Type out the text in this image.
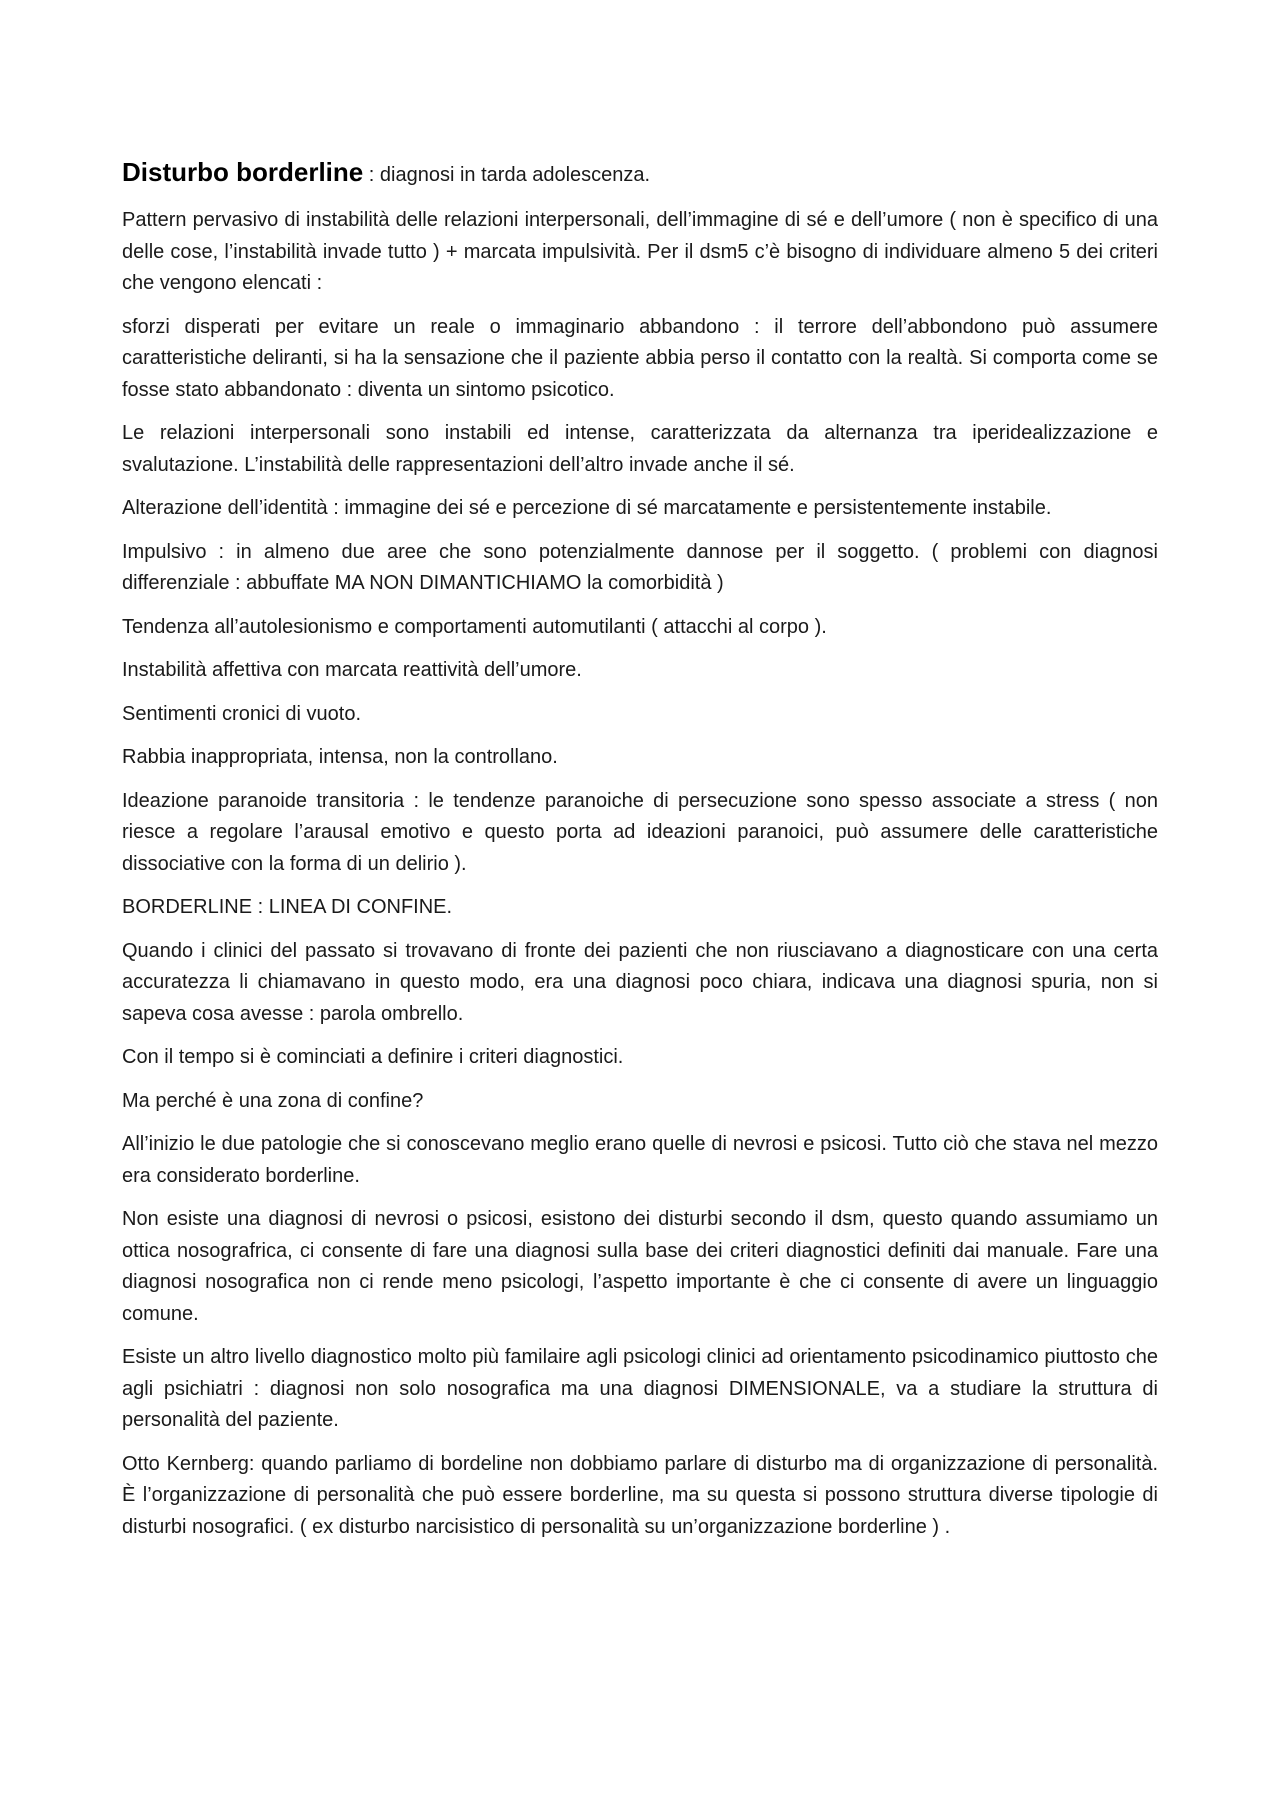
Disturbo borderline : diagnosi in tarda adolescenza.

Pattern pervasivo di instabilità delle relazioni interpersonali, dell’immagine di sé e dell’umore ( non è specifico di una delle cose, l’instabilità invade tutto ) + marcata impulsività. Per il dsm5 c’è bisogno di individuare almeno 5 dei criteri che vengono elencati :

sforzi disperati per evitare un reale o immaginario abbandono : il terrore dell’abbondono può assumere caratteristiche deliranti, si ha la sensazione che il paziente abbia perso il contatto con la realtà. Si comporta come se fosse stato abbandonato : diventa un sintomo psicotico.

Le relazioni interpersonali sono instabili ed intense, caratterizzata da alternanza tra iperidealizzazione e svalutazione. L’instabilità delle rappresentazioni dell’altro invade anche il sé.

Alterazione dell’identità : immagine dei sé e percezione di sé marcatamente e persistentemente instabile.

Impulsivo : in almeno due aree che sono potenzialmente dannose per il soggetto. ( problemi con diagnosi differenziale : abbuffate MA NON DIMANTICHIAMO la comorbidità )

Tendenza all’autolesionismo e comportamenti automutilanti ( attacchi al corpo ).

Instabilità affettiva con marcata reattività dell’umore.

Sentimenti cronici di vuoto.

Rabbia inappropriata, intensa, non la controllano.

Ideazione paranoide transitoria : le tendenze paranoiche di persecuzione sono spesso associate a stress ( non riesce a regolare l’arausal emotivo e questo porta ad ideazioni paranoici, può assumere delle caratteristiche dissociative con la forma di un delirio ).

BORDERLINE : LINEA DI CONFINE.

Quando i clinici del passato si trovavano di fronte dei pazienti che non riusciavano a diagnosticare con una certa accuratezza li chiamavano in questo modo, era una diagnosi poco chiara, indicava una diagnosi spuria, non si sapeva cosa avesse : parola ombrello.

Con il tempo si è cominciati a definire i criteri diagnostici.

Ma perché è una zona di confine?

All’inizio le due patologie che si conoscevano meglio erano quelle di nevrosi e psicosi. Tutto ciò che stava nel mezzo era considerato borderline.

Non esiste una diagnosi di nevrosi o psicosi, esistono dei disturbi secondo il dsm, questo quando assumiamo un ottica nosografrica, ci consente di fare una diagnosi sulla base dei criteri diagnostici definiti dai manuale. Fare una diagnosi nosografica non ci rende meno psicologi, l’aspetto importante è che ci consente di avere un linguaggio comune.

Esiste un altro livello diagnostico molto più familaire agli psicologi clinici ad orientamento psicodinamico piuttosto che agli psichiatri : diagnosi non solo nosografica ma una diagnosi DIMENSIONALE, va a studiare la struttura di personalità del paziente.

Otto Kernberg: quando parliamo di bordeline non dobbiamo parlare di disturbo ma di organizzazione di personalità. È l’organizzazione di personalità che può essere borderline, ma su questa si possono struttura diverse tipologie di disturbi nosografici. ( ex disturbo narcisistico di personalità su un’organizzazione borderline ) .
